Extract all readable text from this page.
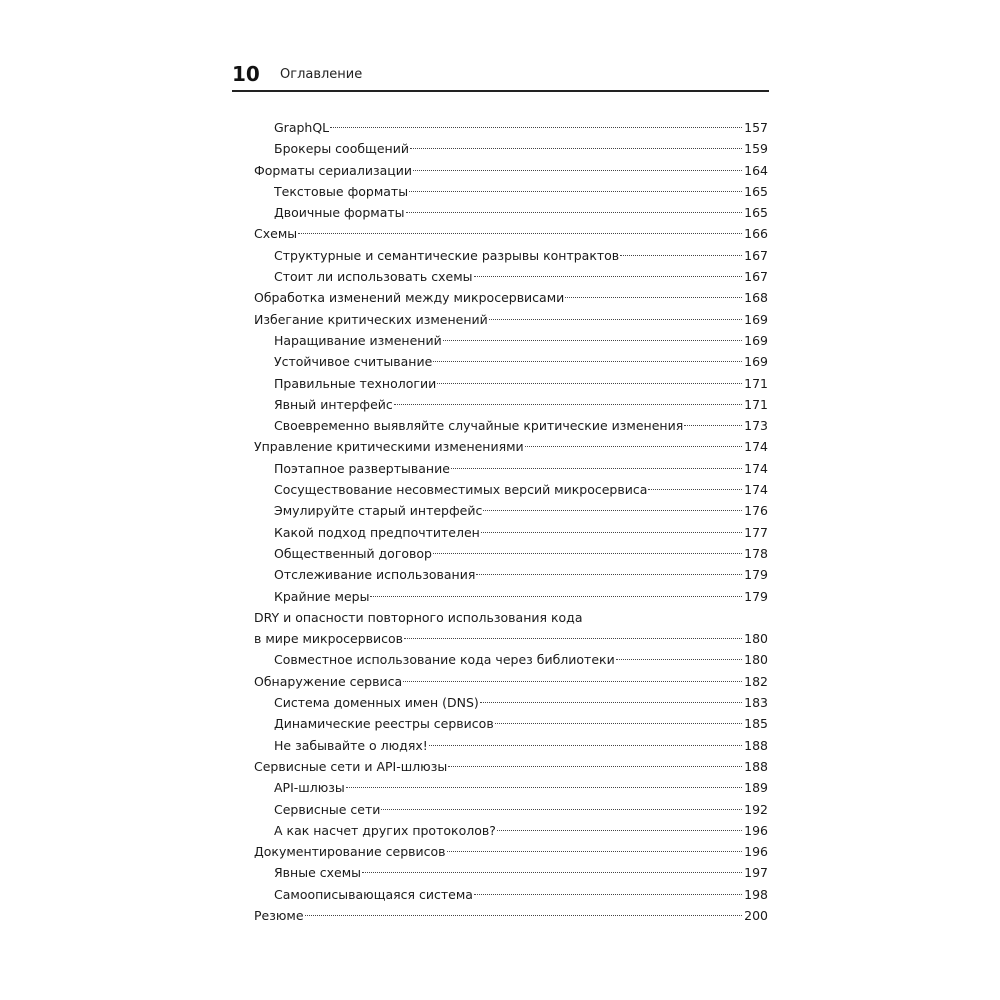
10 Оглавление
GraphQL	157
Брокеры сообщений	159
Форматы сериализации	164
Текстовые форматы	165
Двоичные форматы	165
Схемы	166
Структурные и семантические разрывы контрактов	167
Стоит ли использовать схемы	167
Обработка изменений между микросервисами	168
Избегание критических изменений	169
Наращивание изменений	169
Устойчивое считывание	169
Правильные технологии	171
Явный интерфейс	171
Своевременно выявляйте случайные критические изменения	173
Управление критическими изменениями	174
Поэтапное развертывание	174
Сосуществование несовместимых версий микросервиса	174
Эмулируйте старый интерфейс	176
Какой подход предпочтителен	177
Общественный договор	178
Отслеживание использования	179
Крайние меры	179
DRY и опасности повторного использования кода
в мире микросервисов	180
Совместное использование кода через библиотеки	180
Обнаружение сервиса	182
Система доменных имен (DNS)	183
Динамические реестры сервисов	185
Не забывайте о людях!	188
Сервисные сети и API-шлюзы	188
API-шлюзы	189
Сервисные сети	192
А как насчет других протоколов?	196
Документирование сервисов	196
Явные схемы	197
Самоописывающаяся система	198
Резюме	200
